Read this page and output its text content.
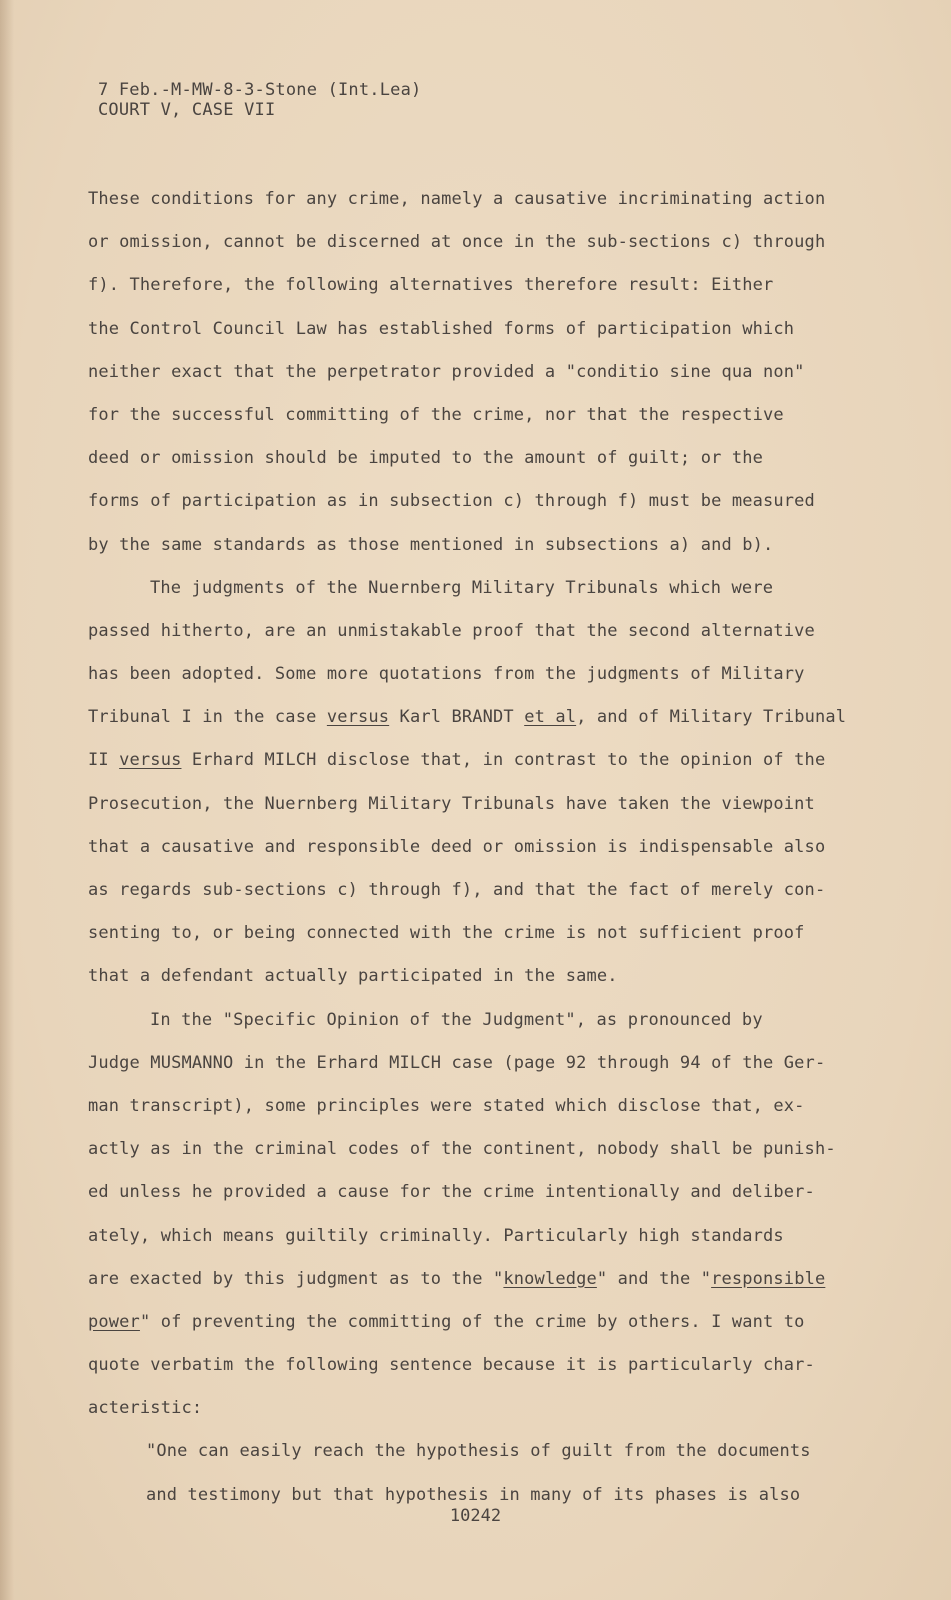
7 Feb.-M-MW-8-3-Stone (Int.Lea)
COURT V, CASE VII
These conditions for any crime, namely a causative incriminating action
or omission, cannot be discerned at once in the sub-sections c) through
f). Therefore, the following alternatives therefore result: Either
the Control Council Law has established forms of participation which
neither exact that the perpetrator provided a "conditio sine qua non"
for the successful committing of the crime, nor that the respective
deed or omission should be imputed to the amount of guilt; or the
forms of participation as in subsection c) through f) must be measured
by the same standards as those mentioned in subsections a) and b).
The judgments of the Nuernberg Military Tribunals which were
passed hitherto, are an unmistakable proof that the second alternative
has been adopted. Some more quotations from the judgments of Military
Tribunal I in the case versus Karl BRANDT et al, and of Military Tribunal
II versus Erhard MILCH disclose that, in contrast to the opinion of the
Prosecution, the Nuernberg Military Tribunals have taken the viewpoint
that a causative and responsible deed or omission is indispensable also
as regards sub-sections c) through f), and that the fact of merely con-
senting to, or being connected with the crime is not sufficient proof
that a defendant actually participated in the same.
In the "Specific Opinion of the Judgment", as pronounced by
Judge MUSMANNO in the Erhard MILCH case (page 92 through 94 of the Ger-
man transcript), some principles were stated which disclose that, ex-
actly as in the criminal codes of the continent, nobody shall be punish-
ed unless he provided a cause for the crime intentionally and deliber-
ately, which means guiltily criminally. Particularly high standards
are exacted by this judgment as to the "knowledge" and the "responsible
power" of preventing the committing of the crime by others. I want to
quote verbatim the following sentence because it is particularly char-
acteristic:
"One can easily reach the hypothesis of guilt from the documents
and testimony but that hypothesis in many of its phases is also
10242
